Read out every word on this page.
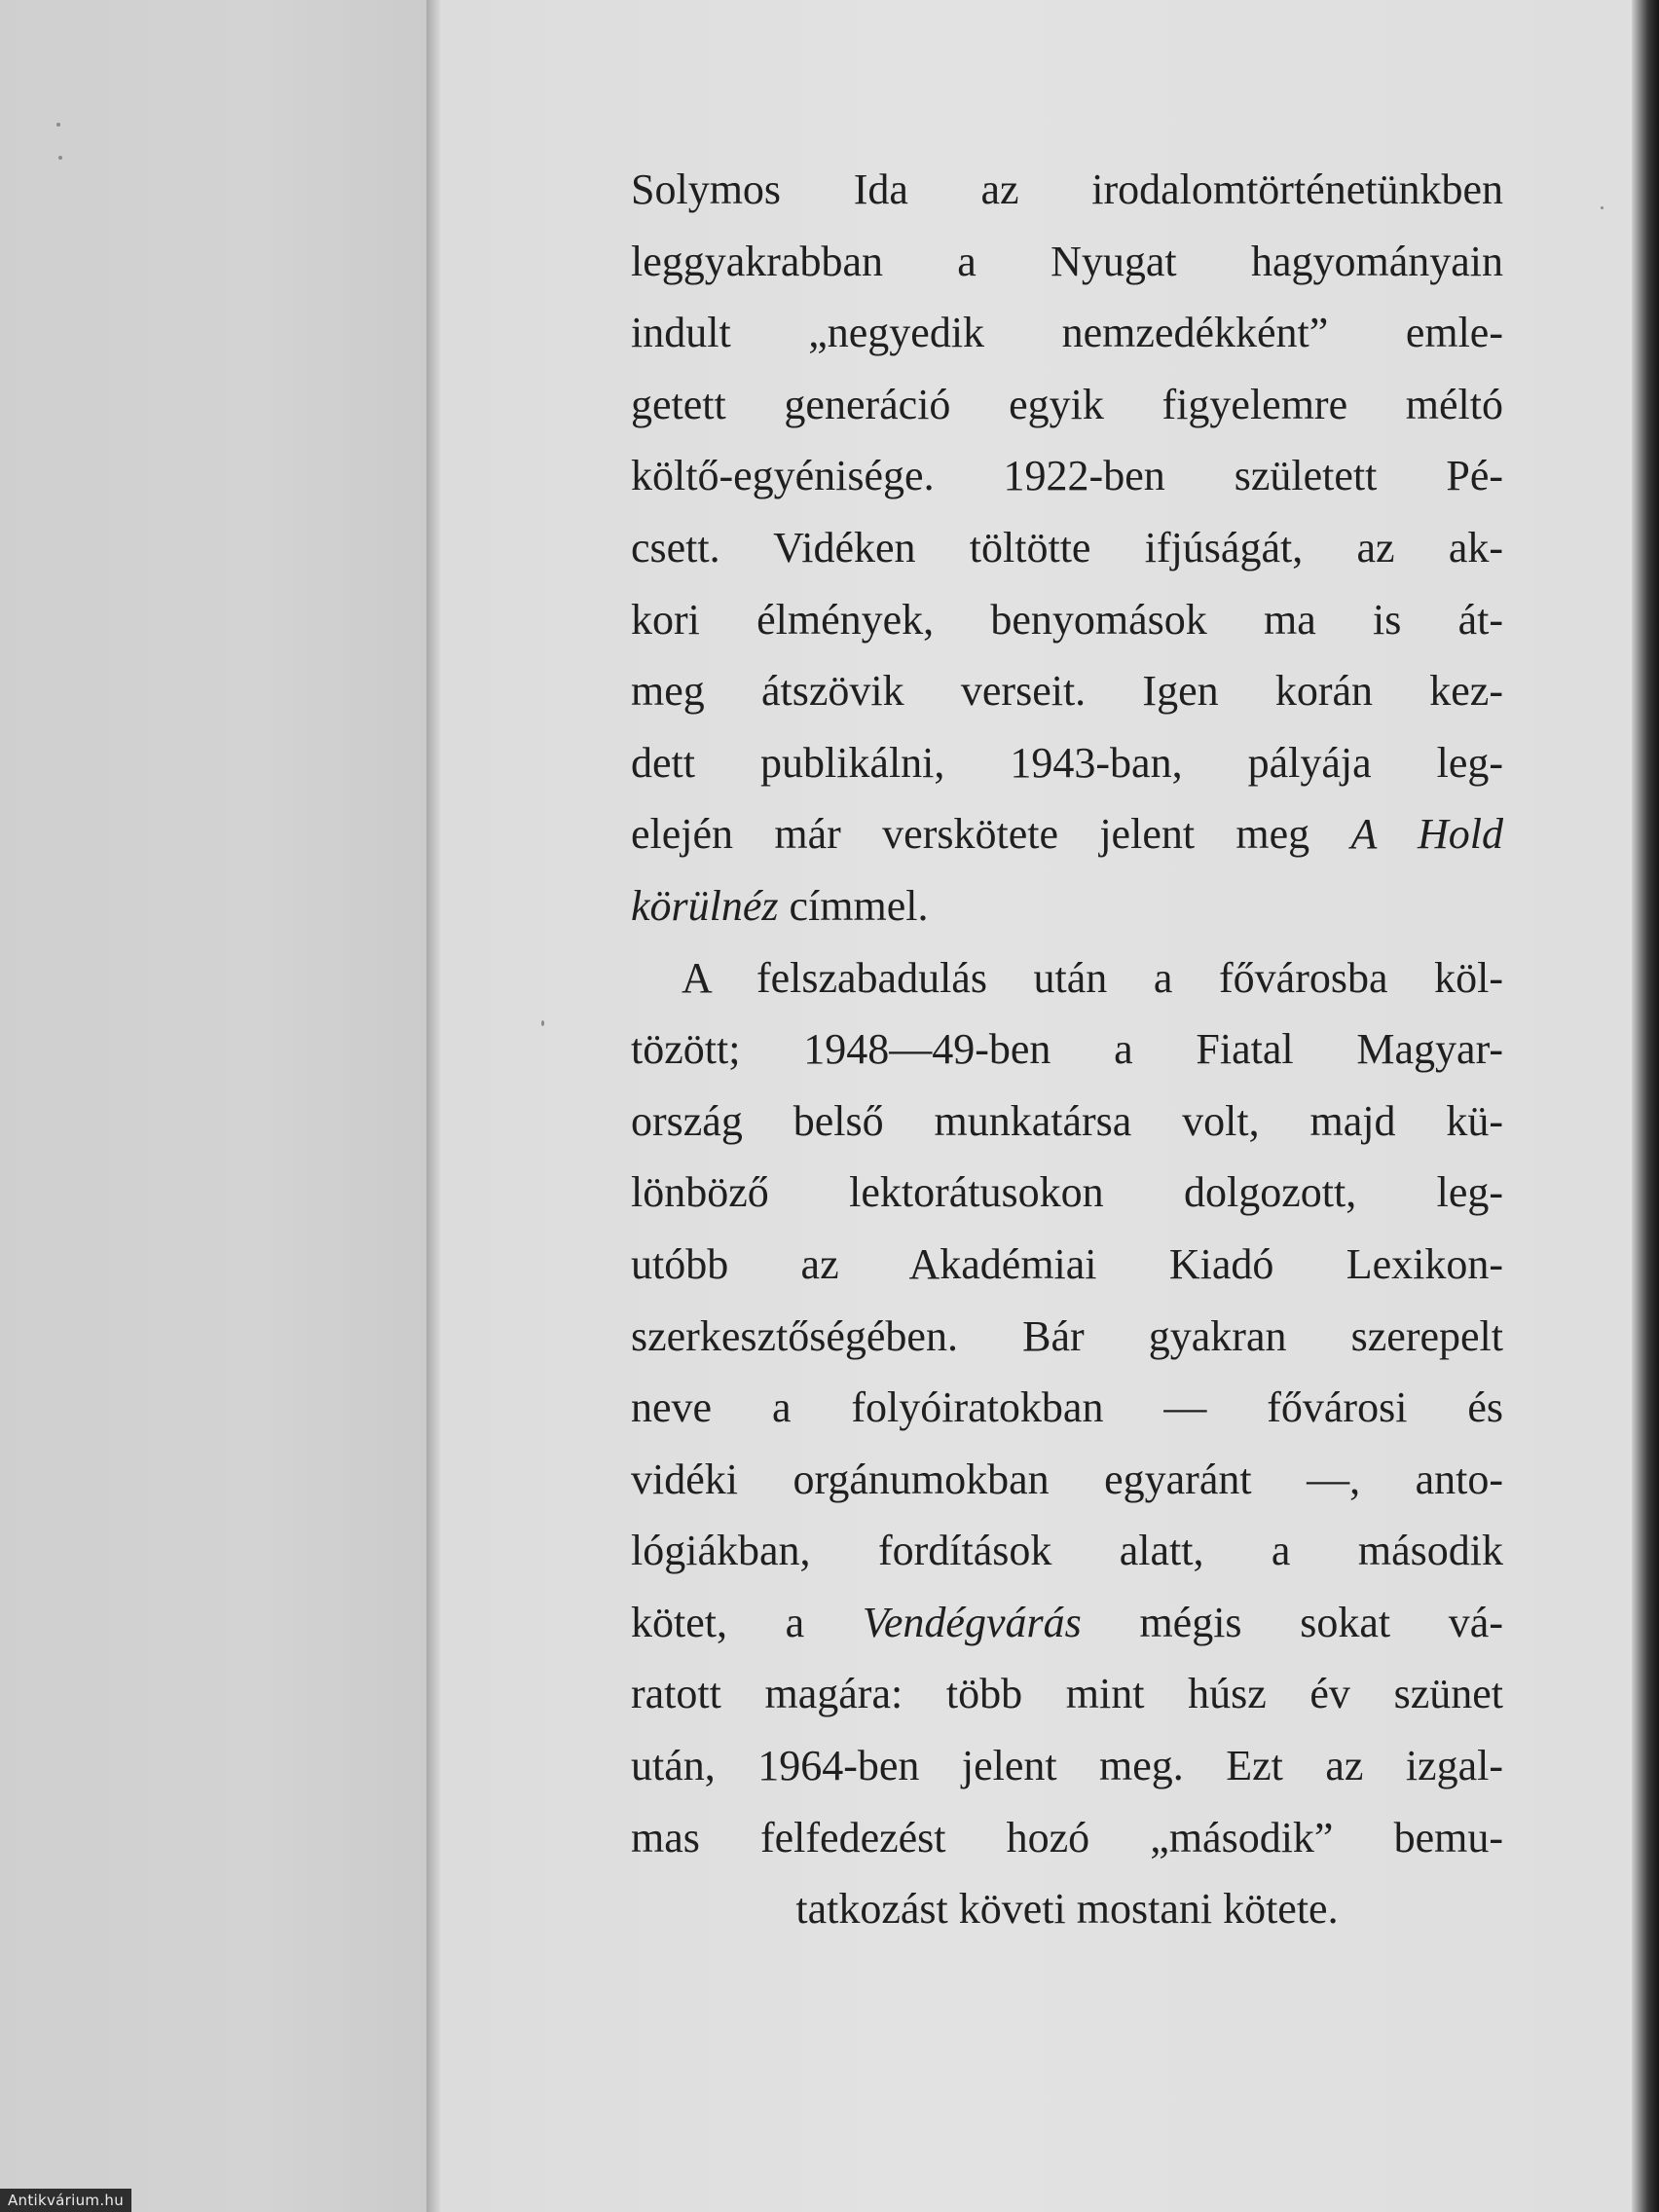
Solymos Ida az irodalomtörténetünkben
leggyakrabban a Nyugat hagyományain
indult „negyedik nemzedékként” emle-
getett generáció egyik figyelemre méltó
költő-egyénisége. 1922-ben született Pé-
csett. Vidéken töltötte ifjúságát, az ak-
kori élmények, benyomások ma is át-
meg átszövik verseit. Igen korán kez-
dett publikálni, 1943-ban, pályája leg-
elején már verskötete jelent meg A Hold
körülnéz címmel.
A felszabadulás után a fővárosba köl-
tözött; 1948—49-ben a Fiatal Magyar-
ország belső munkatársa volt, majd kü-
lönböző lektorátusokon dolgozott, leg-
utóbb az Akadémiai Kiadó Lexikon-
szerkesztőségében. Bár gyakran szerepelt
neve a folyóiratokban — fővárosi és
vidéki orgánumokban egyaránt —, anto-
lógiákban, fordítások alatt, a második
kötet, a Vendégvárás mégis sokat vá-
ratott magára: több mint húsz év szünet
után, 1964-ben jelent meg. Ezt az izgal-
mas felfedezést hozó „második” bemu-
tatkozást követi mostani kötete.
Antikvárium.hu
